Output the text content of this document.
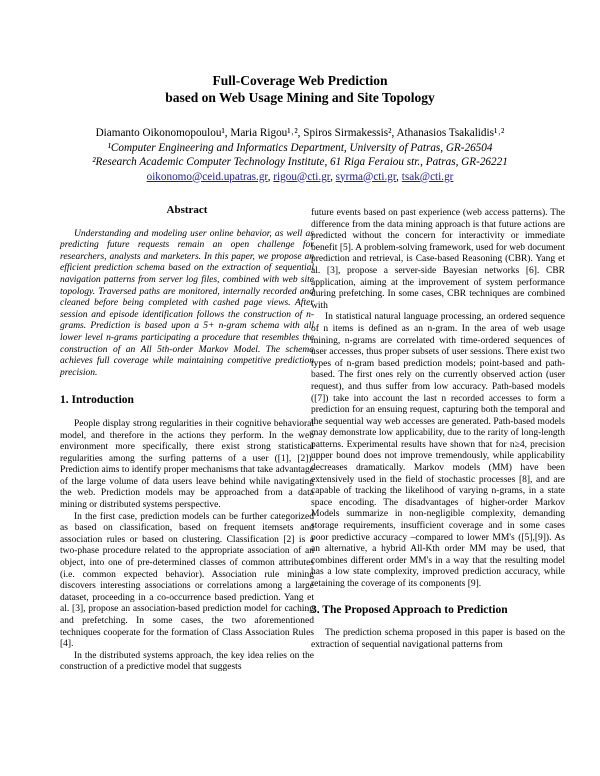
Full-Coverage Web Prediction
based on Web Usage Mining and Site Topology
Diamanto Oikonomopoulou¹, Maria Rigou¹˒², Spiros Sirmakessis², Athanasios Tsakalidis¹˒²
¹Computer Engineering and Informatics Department, University of Patras, GR-26504
²Research Academic Computer Technology Institute, 61 Riga Feraiou str., Patras, GR-26221
oikonomo@ceid.upatras.gr, rigou@cti.gr, syrma@cti.gr, tsak@cti.gr
Abstract

Understanding and modeling user online behavior, as well as predicting future requests remain an open challenge for researchers, analysts and marketers. In this paper, we propose an efficient prediction schema based on the extraction of sequential navigation patterns from server log files, combined with web site topology. Traversed paths are monitored, internally recorded and cleaned before being completed with cashed page views. After session and episode identification follows the construction of n-grams. Prediction is based upon a 5+ n-gram schema with all lower level n-grams participating a procedure that resembles the construction of an All 5th-order Markov Model. The schema achieves full coverage while maintaining competitive prediction precision.

1. Introduction

People display strong regularities in their cognitive behavioral model, and therefore in the actions they perform. In the web environment more specifically, there exist strong statistical regularities among the surfing patterns of a user ([1], [2]). Prediction aims to identify proper mechanisms that take advantage of the large volume of data users leave behind while navigating the web. Prediction models may be approached from a data mining or distributed systems perspective.

In the first case, prediction models can be further categorized as based on classification, based on frequent itemsets and association rules or based on clustering. Classification [2] is a two-phase procedure related to the appropriate association of an object, into one of pre-determined classes of common attributes (i.e. common expected behavior). Association rule mining discovers interesting associations or correlations among a large dataset, proceeding in a co-occurrence based prediction. Yang et al. [3], propose an association-based prediction model for caching and prefetching. In some cases, the two aforementioned techniques cooperate for the formation of Class Association Rules [4].

In the distributed systems approach, the key idea relies on the construction of a predictive model that suggests

future events based on past experience (web access patterns). The difference from the data mining approach is that future actions are predicted without the concern for interactivity or immediate benefit [5]. A problem-solving framework, used for web document prediction and retrieval, is Case-based Reasoning (CBR). Yang et al. [3], propose a server-side Bayesian networks [6]. CBR application, aiming at the improvement of system performance during prefetching. In some cases, CBR techniques are combined with

In statistical natural language processing, an ordered sequence of n items is defined as an n-gram. In the area of web usage mining, n-grams are correlated with time-ordered sequences of user accesses, thus proper subsets of user sessions. There exist two types of n-gram based prediction models; point-based and path-based. The first ones rely on the currently observed action (user request), and thus suffer from low accuracy. Path-based models ([7]) take into account the last n recorded accesses to form a prediction for an ensuing request, capturing both the temporal and the sequential way web accesses are generated. Path-based models may demonstrate low applicability, due to the rarity of long-length patterns. Experimental results have shown that for n≥4, precision upper bound does not improve tremendously, while applicability decreases dramatically. Markov models (MM) have been extensively used in the field of stochastic processes [8], and are capable of tracking the likelihood of varying n-grams, in a state space encoding. The disadvantages of higher-order Markov Models summarize in non-negligible complexity, demanding storage requirements, insufficient coverage and in some cases poor predictive accuracy –compared to lower MM's ([5],[9]). As an alternative, a hybrid All-Kth order MM may be used, that combines different order MM's in a way that the resulting model has a low state complexity, improved prediction accuracy, while retaining the coverage of its components [9].

3. The Proposed Approach to Prediction

The prediction schema proposed in this paper is based on the extraction of sequential navigational patterns from
